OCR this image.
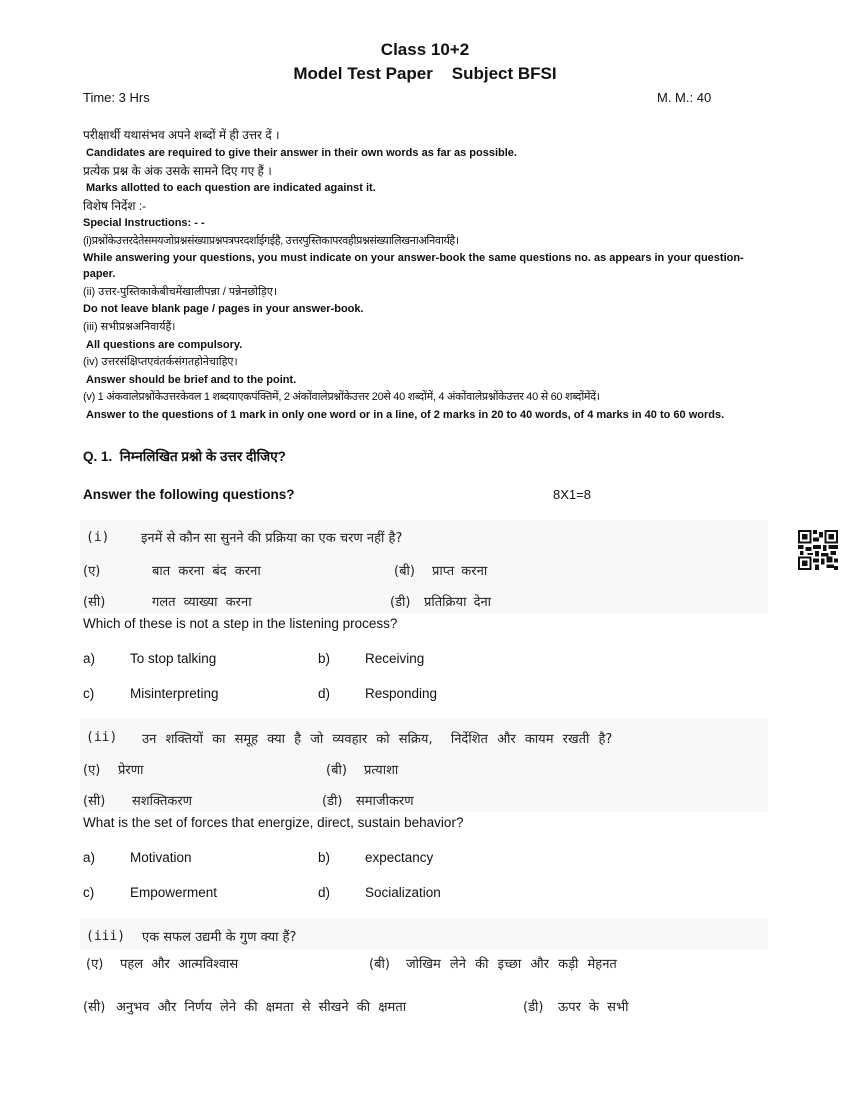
Class 10+2
Model Test Paper    Subject BFSI
Time: 3 Hrs	M. M.: 40
परीक्षार्थी यथासंभव अपने शब्दों में ही उत्तर दें ।
Candidates are required to give their answer in their own words as far as possible.
प्रत्येक प्रश्न के अंक उसके सामने दिए गए हैं ।
Marks allotted to each question are indicated against it.
विशेष निर्देश :-
Special Instructions: - -
(i)प्रश्नोंकेउत्तरदेतेसमयजोप्रश्नसंख्याप्रश्नपत्रपरदर्शाईगईहै, उत्तरपुस्तिकापरवहीप्रश्नसंख्यालिखनाअनिवार्यहै।
While answering your questions, you must indicate on your answer-book the same questions no. as appears in your question-
paper.
(ii) उत्तर-पुस्तिकाकेबीचमेंखालीपन्ना / पन्नेनछोड़िए।
Do not leave blank page / pages in your answer-book.
(iii) सभीप्रश्नअनिवार्यहैं।
All questions are compulsory.
(iv) उत्तरसंक्षिप्तएवंतर्कसंगतहोनेचाहिए।
Answer should be brief and to the point.
(v) 1 अंकवालेप्रश्नोंकेउत्तरकेवल 1 शब्दयाएकपंक्तिमें, 2 अंकोंवालेप्रश्नोंकेउत्तर 20से 40 शब्दोंमें, 4 अंकोंवालेप्रश्नोंकेउत्तर 40 से 60 शब्दोंमेंदें।
Answer to the questions of 1 mark in only one word or in a line, of 2 marks in 20 to 40 words, of 4 marks in 40 to 60 words.
Q. 1.  निम्नलिखित प्रश्नो के उत्तर दीजिए?
Answer the following questions?	8X1=8
(i) इनमें से कौन सा सुनने की प्रक्रिया का एक चरण नहीं है?
(ए)	बात करना बंद करना	(बी) प्राप्त करना
(सी)	गलत व्याख्या करना	(डी) प्रतिक्रिया देना
Which of these is not a step in the listening process?
a)	To stop talking	b)	Receiving
c)	Misinterpreting	d)	Responding
(ii) उन शक्तियों का समूह क्या है जो व्यवहार को सक्रिय,  निर्देशित और कायम रखती है?
(ए) प्रेरणा	(बी) प्रत्याशा
(सी) सशक्तिकरण	(डी) समाजीकरण
What is the set of forces that energize, direct, sustain behavior?
a)	Motivation	b)	expectancy
c)	Empowerment	d)	Socialization
(iii) एक सफल उद्यमी के गुण क्या हैं?
(ए) पहल और आत्मविश्वास	(बी) जोखिम लेने की इच्छा और कड़ी मेहनत
(सी) अनुभव और निर्णय लेने की क्षमता से सीखने की क्षमता	(डी) ऊपर के सभी
